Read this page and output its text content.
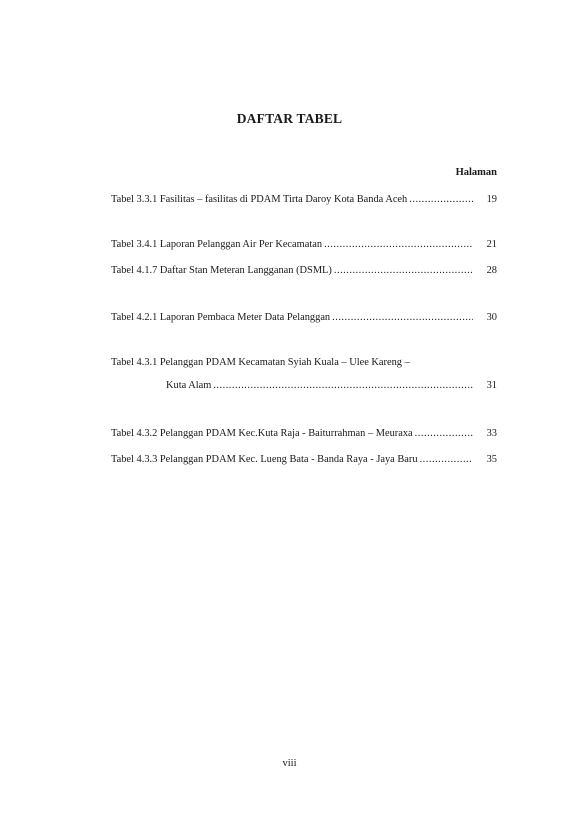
DAFTAR TABEL
Halaman
Tabel 3.3.1 Fasilitas – fasilitas di PDAM Tirta Daroy Kota Banda Aceh .....	19
Tabel 3.4.1 Laporan Pelanggan Air Per Kecamatan .....	21
Tabel 4.1.7 Daftar Stan Meteran Langganan (DSML) .....	28
Tabel 4.2.1 Laporan Pembaca Meter Data Pelanggan .....	30
Tabel 4.3.1 Pelanggan PDAM Kecamatan Syiah Kuala – Ulee Kareng –
Kuta Alam .....	31
Tabel 4.3.2 Pelanggan PDAM Kec.Kuta Raja - Baiturrahman – Meuraxa .....	33
Tabel 4.3.3 Pelanggan PDAM Kec. Lueng Bata - Banda Raya - Jaya Baru .....	35
viii
